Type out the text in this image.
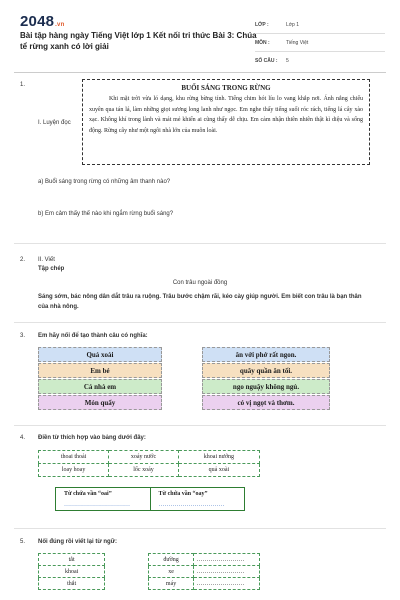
2048.vn
Bài tập hàng ngày Tiếng Việt lớp 1 Kết nối tri thức Bài 3: Chúa tể rừng xanh có lời giải
LỚP :	Lớp 1
MÔN :	Tiếng Việt
SỐ CÂU :	5
1.
I. Luyện đọc
BUỔI SÁNG TRONG RỪNG
Khi mặt trời vừa ló dạng, khu rừng bừng tỉnh. Tiếng chim hót líu lo vang khắp nơi. Ánh nắng chiếu xuyên qua tán lá, làm những giọt sương long lanh như ngọc. Em nghe thấy tiếng suối róc rách, tiếng lá cây xào xạc. Không khí trong lành và mát mẻ khiến ai cũng thấy dễ chịu. Em cảm nhận thiên nhiên thật kì diệu và sống động. Rừng cây như một ngôi nhà lớn của muôn loài.
a) Buổi sáng trong rừng có những âm thanh nào?
b) Em cảm thấy thế nào khi ngắm rừng buổi sáng?
2. II. Viết
Tập chép
Con trâu ngoài đồng
Sáng sớm, bác nông dân dắt trâu ra ruộng. Trâu bước chậm rãi, kéo cày giúp người. Em biết con trâu là bạn thân của nhà nông.
3. Em hãy nối để tạo thành câu có nghĩa:
Quả xoài
Em bé
Cá nhà em
Món quẩy
ăn với phở rất ngon.
quây quần ăn tối.
ngo nguậy không ngủ.
có vị ngọt và thơm.
4. Điền từ thích hợp vào bảng dưới đây:
thoai thoải	xoáy nước	khoai nướng
loay hoay	lốc xoáy	quả xoài
Từ chứa vần “oai”	Từ chứa vần “oay”
……………………………	……………………………
5. Nối đúng rồi viết lại từ ngữ:
tắt		đường	……………………
khoai		xe	……………………
thắt		máy	……………………
